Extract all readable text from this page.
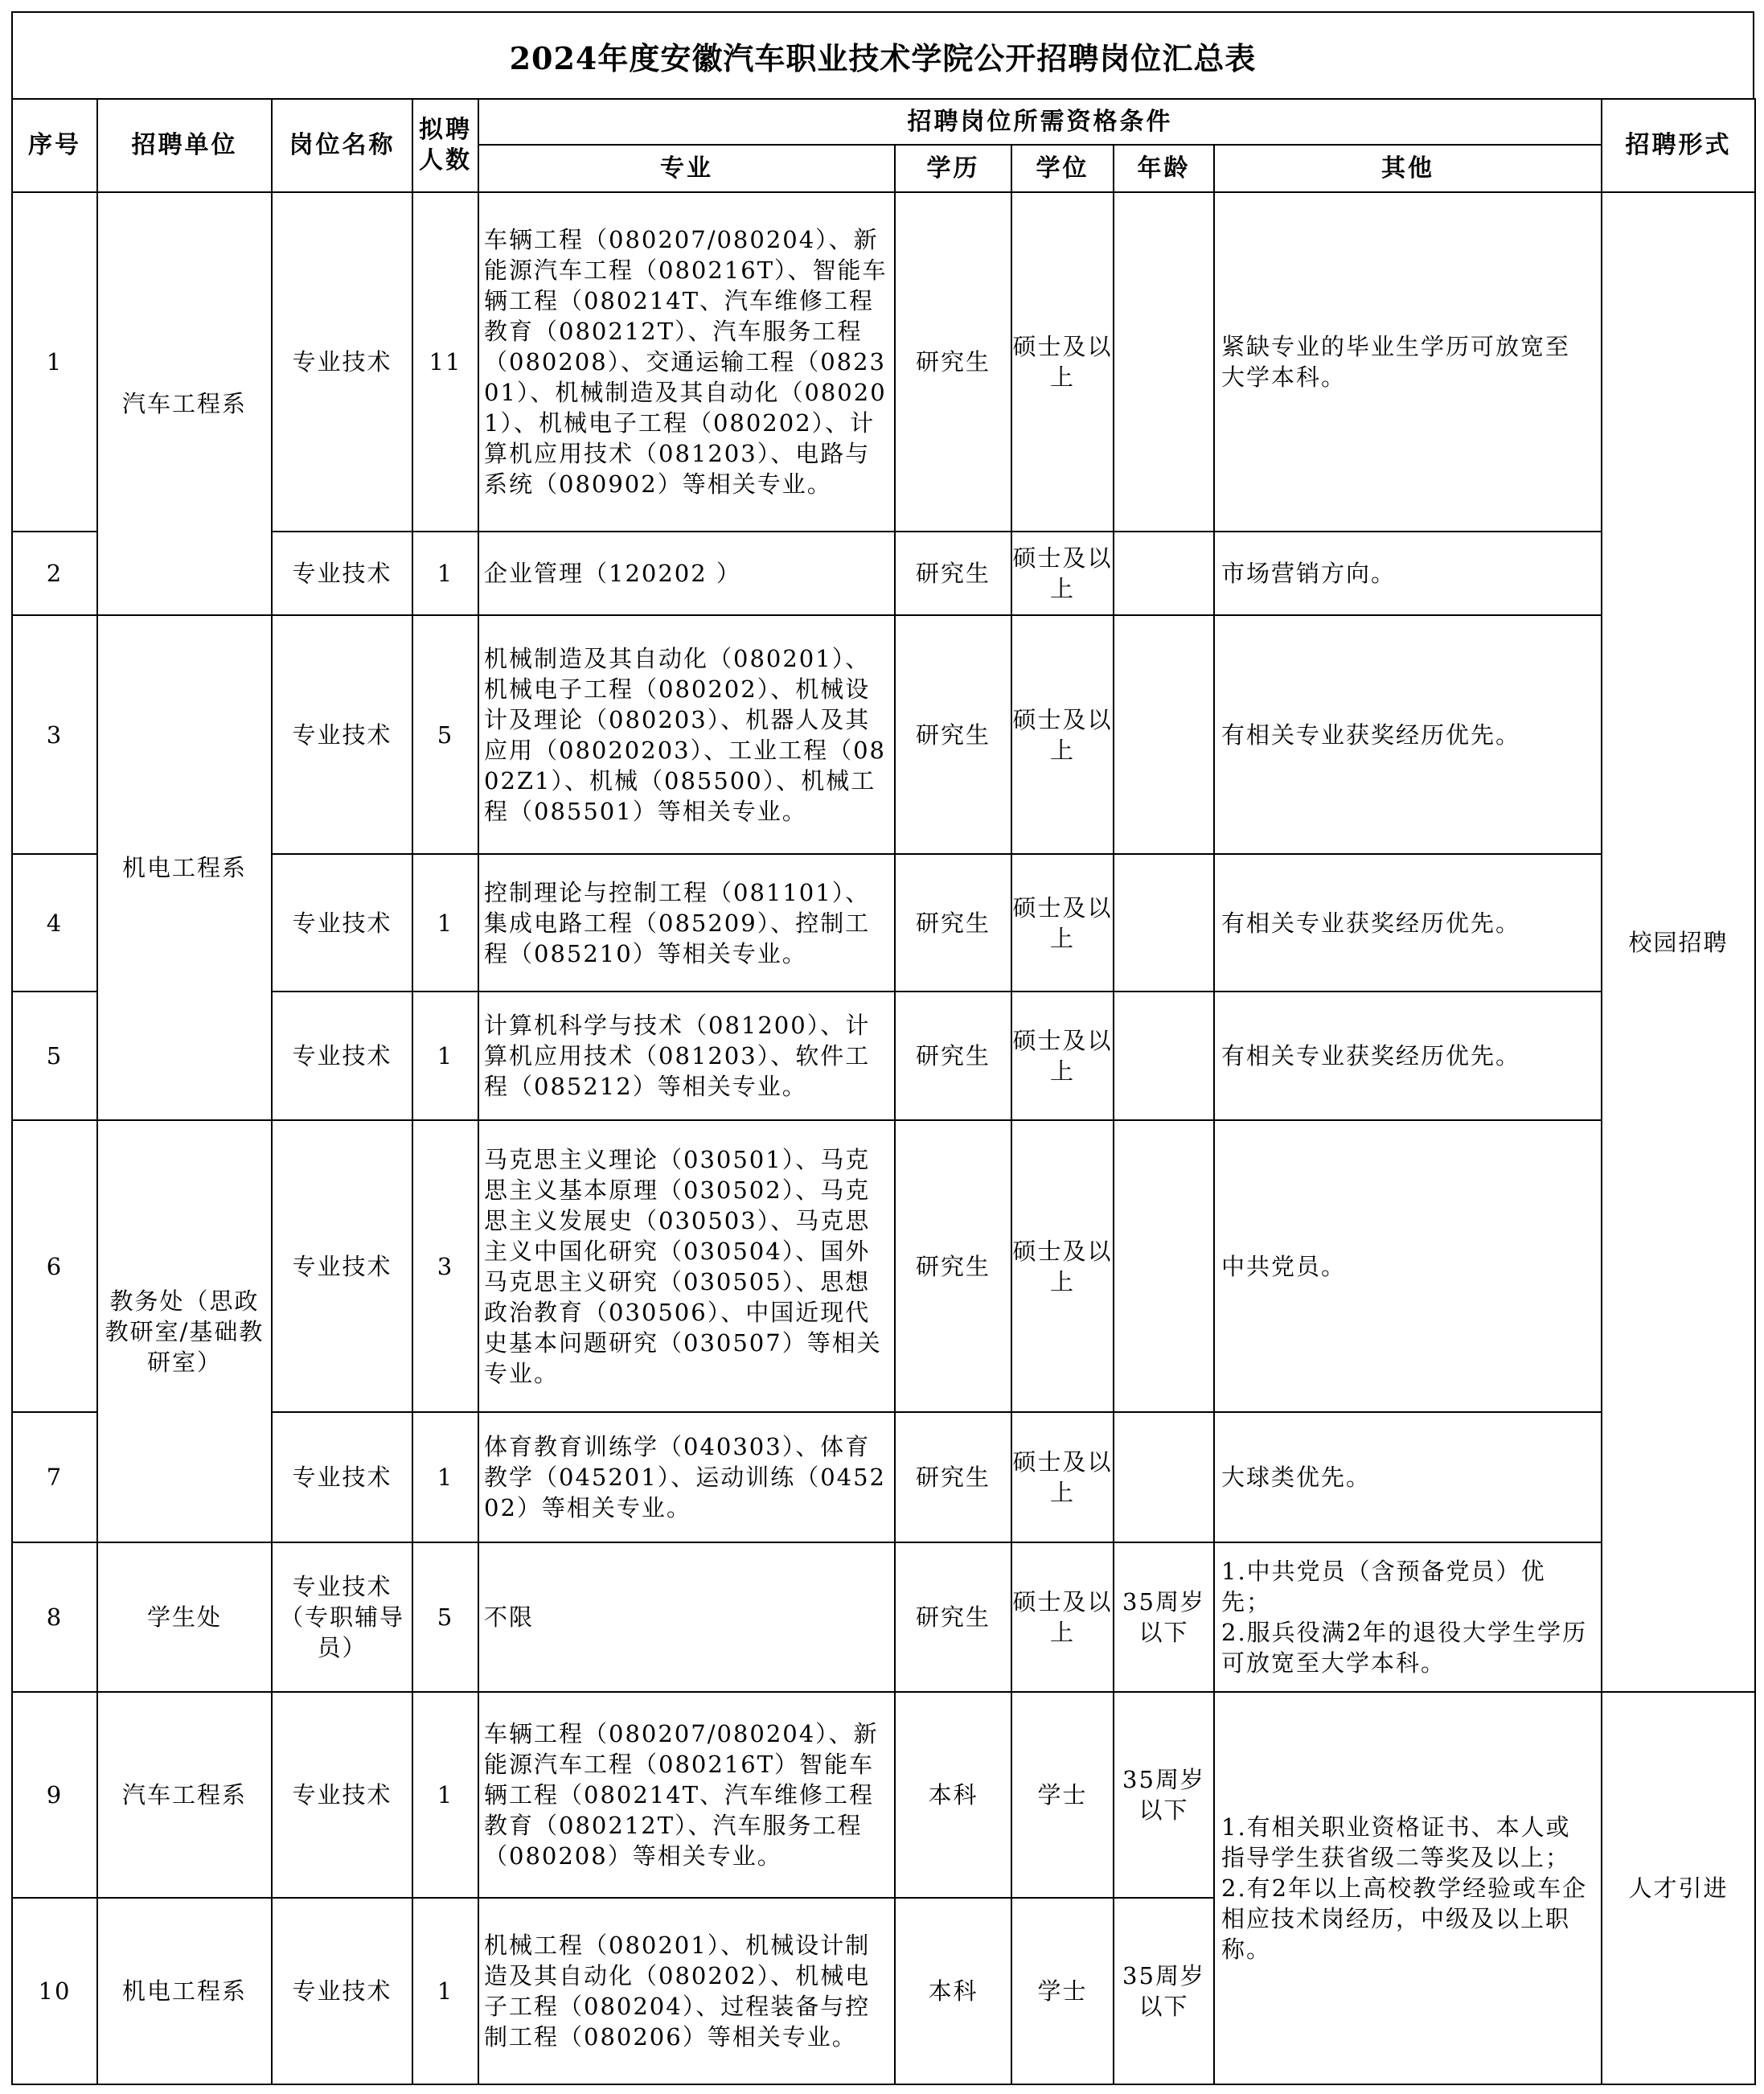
2024年度安徽汽车职业技术学院公开招聘岗位汇总表
序号	招聘单位	岗位名称	拟聘人数	招聘岗位所需资格条件					招聘形式
				专业	学历	学位	年龄	其他	
1	汽车工程系	专业技术	11	车辆工程（080207/080204）、新能源汽车工程（080216T）、智能车辆工程（080214T、汽车维修工程教育（080212T）、汽车服务工程（080208）、交通运输工程（082301）、机械制造及其自动化（080201）、机械电子工程（080202）、计算机应用技术（081203）、电路与系统（080902）等相关专业。	研究生	硕士及以上		紧缺专业的毕业生学历可放宽至大学本科。	校园招聘
2		专业技术	1	企业管理（120202 ）	研究生	硕士及以上		市场营销方向。	
3	机电工程系	专业技术	5	机械制造及其自动化（080201）、机械电子工程（080202）、机械设计及理论（080203）、机器人及其应用（08020203）、工业工程（0802Z1）、机械（085500）、机械工程（085501）等相关专业。	研究生	硕士及以上		有相关专业获奖经历优先。	
4		专业技术	1	控制理论与控制工程（081101）、集成电路工程（085209）、控制工程（085210）等相关专业。	研究生	硕士及以上		有相关专业获奖经历优先。	
5		专业技术	1	计算机科学与技术（081200）、计算机应用技术（081203）、软件工程（085212）等相关专业。	研究生	硕士及以上		有相关专业获奖经历优先。	
6	教务处（思政教研室/基础教研室）	专业技术	3	马克思主义理论（030501）、马克思主义基本原理（030502）、马克思主义发展史（030503）、马克思主义中国化研究（030504）、国外马克思主义研究（030505）、思想政治教育（030506）、中国近现代史基本问题研究（030507）等相关专业。	研究生	硕士及以上		中共党员。	
7		专业技术	1	体育教育训练学（040303）、体育教学（045201）、运动训练（045202）等相关专业。	研究生	硕士及以上		大球类优先。	
8	学生处	专业技术（专职辅导员）	5	不限	研究生	硕士及以上	35周岁以下	1.中共党员（含预备党员）优先；
2.服兵役满2年的退役大学生学历可放宽至大学本科。	
9	汽车工程系	专业技术	1	车辆工程（080207/080204）、新能源汽车工程（080216T）智能车辆工程（080214T、汽车维修工程教育（080212T）、汽车服务工程（080208）等相关专业。	本科	学士	35周岁以下	1.有相关职业资格证书、本人或指导学生获省级二等奖及以上；
2.有2年以上高校教学经验或车企相应技术岗经历，中级及以上职称。	人才引进
10	机电工程系	专业技术	1	机械工程（080201）、机械设计制造及其自动化（080202）、机械电子工程（080204）、过程装备与控制工程（080206）等相关专业。	本科	学士	35周岁以下		
